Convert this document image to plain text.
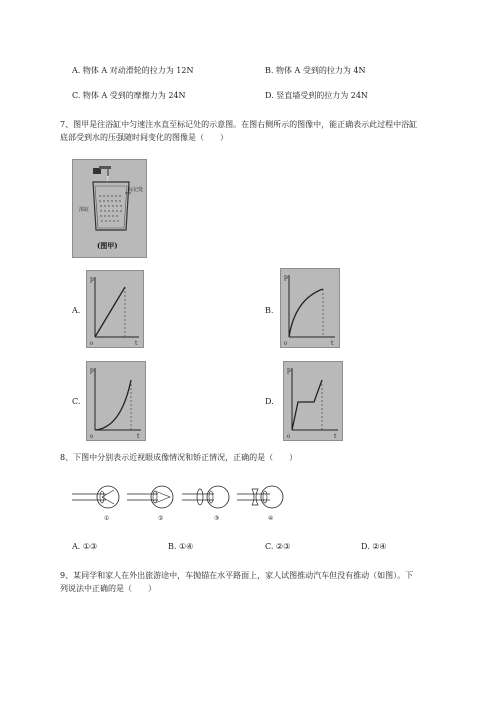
A. 物体 A 对动滑轮的拉力为 12N	B. 物体 A 受到的拉力为 4N
C. 物体 A 受到的摩擦力为 24N	D. 竖直墙受到的拉力为 24N
7、图甲是往浴缸中匀速注水直至标记处的示意图。在图右侧所示的图像中，能正确表示此过程中浴缸
底部受到水的压强随时间变化的图像是（　　）
浴缸
标记处
(图甲)
A.
p
t
0
B.
p
t
0
C.
p
t
0
D.
p
t
0
8、下图中分别表示近视眼成像情况和矫正情况，正确的是（　　）
①	②	③	④
A. ①③	B. ①④	C. ②③	D. ②④
9、某同学和家人在外出旅游途中，车抛锚在水平路面上，家人试图推动汽车但没有推动（如图）。下
列说法中正确的是（　　）
